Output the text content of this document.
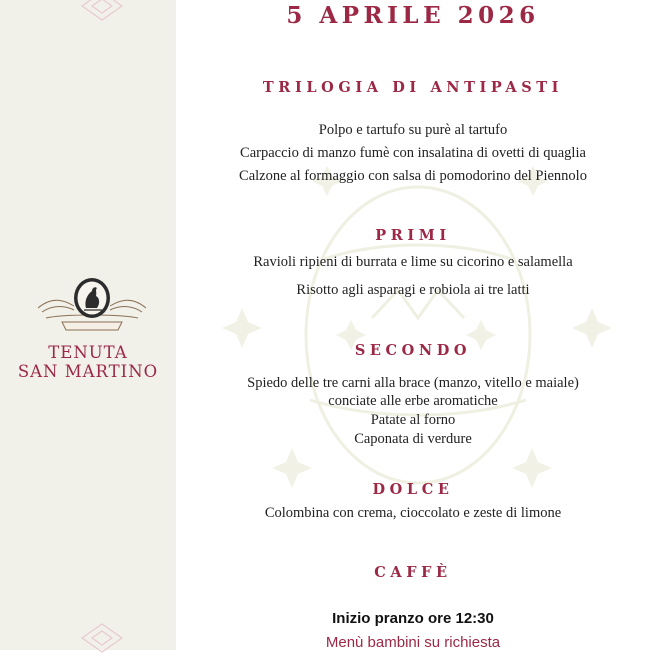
TENUTA
SAN MARTINO
5 APRILE 2026
TRILOGIA DI ANTIPASTI
Polpo e tartufo su purè al tartufo
Carpaccio di manzo fumè con insalatina di ovetti di quaglia
Calzone al formaggio con salsa di pomodorino del Piennolo
PRIMI
Ravioli ripieni di burrata e lime su cicorino e salamella
Risotto agli asparagi e robiola ai tre latti
SECONDO
Spiedo delle tre carni alla brace (manzo, vitello e maiale)
conciate alle erbe aromatiche
Patate al forno
Caponata di verdure
DOLCE
Colombina con crema, cioccolato e zeste di limone
CAFFÈ
Inizio pranzo ore 12:30
Menù bambini su richiesta
